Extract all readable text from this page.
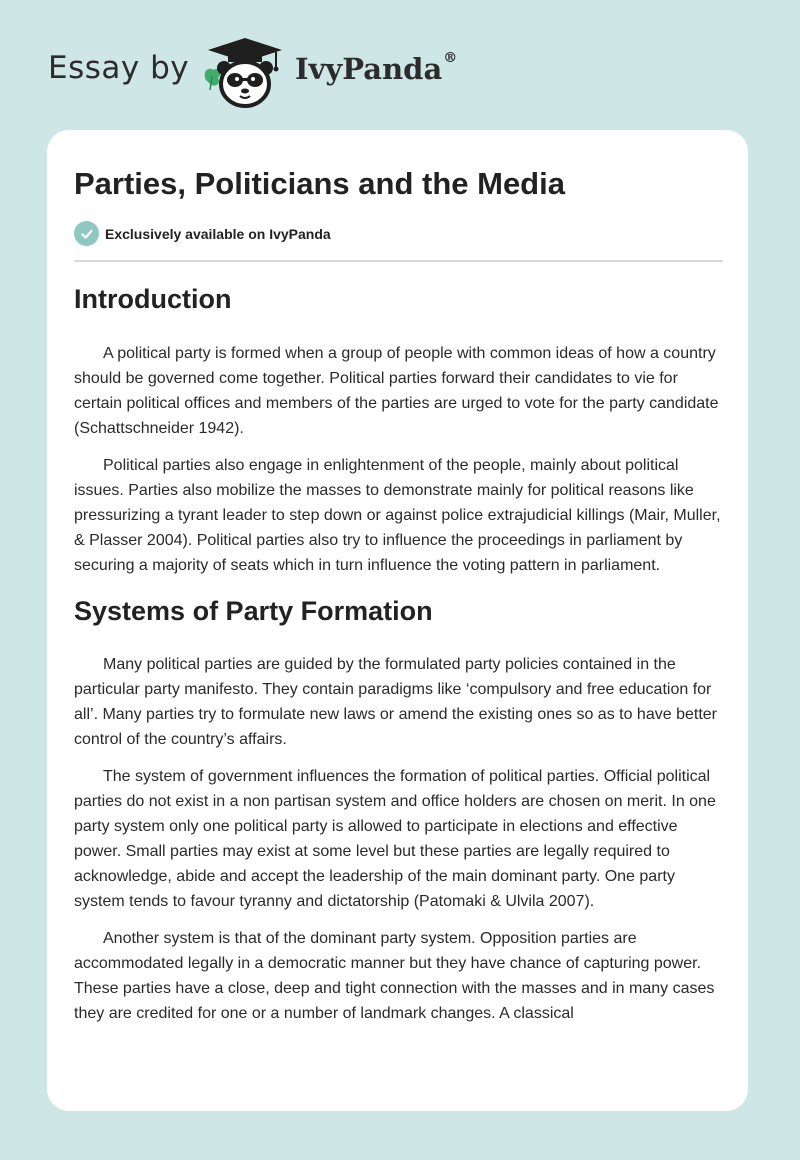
Essay by	IvyPanda®
Parties, Politicians and the Media
Exclusively available on IvyPanda
Introduction

A political party is formed when a group of people with common ideas of how a country should be governed come together. Political parties forward their candidates to vie for certain political offices and members of the parties are urged to vote for the party candidate (Schattschneider 1942).

Political parties also engage in enlightenment of the people, mainly about political issues. Parties also mobilize the masses to demonstrate mainly for political reasons like pressurizing a tyrant leader to step down or against police extrajudicial killings (Mair, Muller, & Plasser 2004). Political parties also try to influence the proceedings in parliament by securing a majority of seats which in turn influence the voting pattern in parliament.

Systems of Party Formation

Many political parties are guided by the formulated party policies contained in the particular party manifesto. They contain paradigms like ‘compulsory and free education for all’. Many parties try to formulate new laws or amend the existing ones so as to have better control of the country’s affairs.

The system of government influences the formation of political parties. Official political parties do not exist in a non partisan system and office holders are chosen on merit. In one party system only one political party is allowed to participate in elections and effective power. Small parties may exist at some level but these parties are legally required to acknowledge, abide and accept the leadership of the main dominant party. One party system tends to favour tyranny and dictatorship (Patomaki & Ulvila 2007).

Another system is that of the dominant party system. Opposition parties are accommodated legally in a democratic manner but they have chance of capturing power. These parties have a close, deep and tight connection with the masses and in many cases they are credited for one or a number of landmark changes. A classical
